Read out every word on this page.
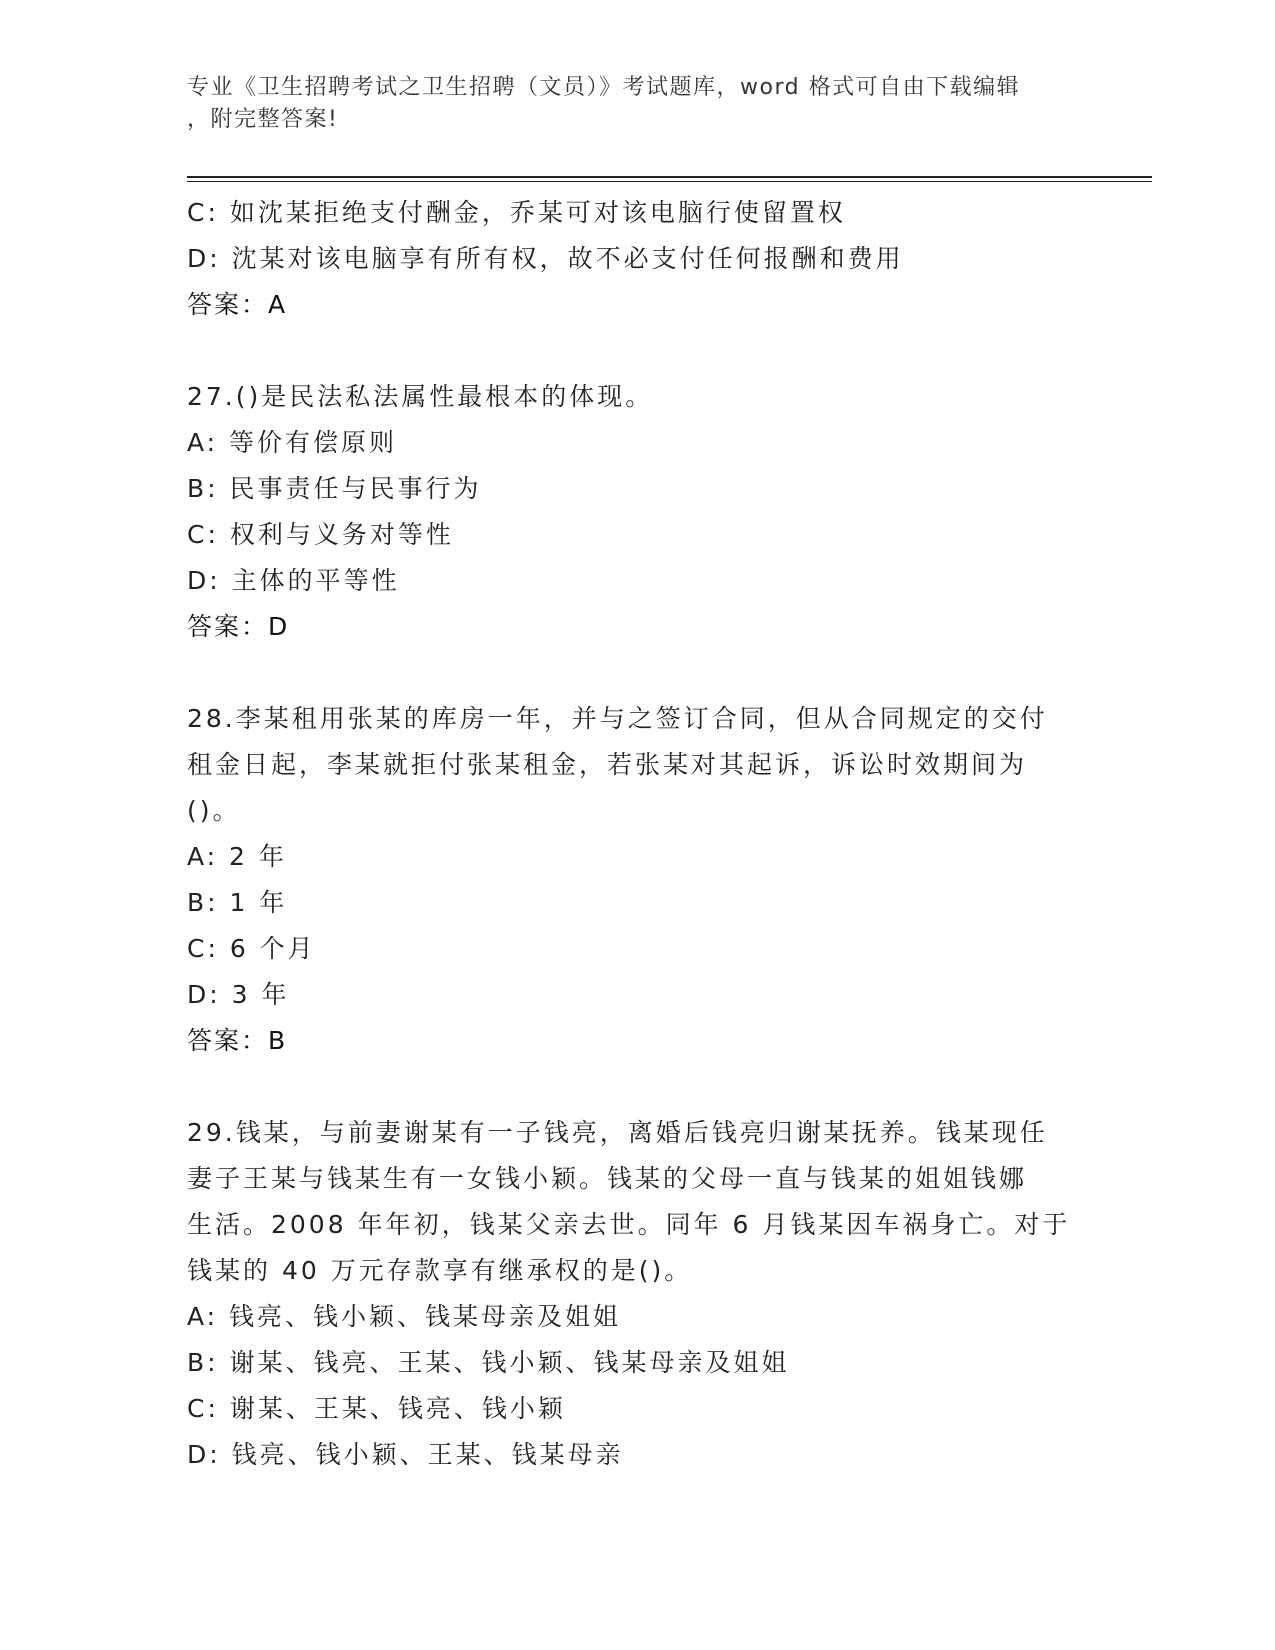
专业《卫生招聘考试之卫生招聘（文员）》考试题库，word 格式可自由下载编辑
，附完整答案!
C: 如沈某拒绝支付酬金，乔某可对该电脑行使留置权
D: 沈某对该电脑享有所有权，故不必支付任何报酬和费用
答案：A
27.()是民法私法属性最根本的体现。
A: 等价有偿原则
B: 民事责任与民事行为
C: 权利与义务对等性
D: 主体的平等性
答案：D
28.李某租用张某的库房一年，并与之签订合同，但从合同规定的交付
租金日起，李某就拒付张某租金，若张某对其起诉，诉讼时效期间为
()。
A: 2 年
B: 1 年
C: 6 个月
D: 3 年
答案：B
29.钱某，与前妻谢某有一子钱亮，离婚后钱亮归谢某抚养。钱某现任
妻子王某与钱某生有一女钱小颖。钱某的父母一直与钱某的姐姐钱娜
生活。2008 年年初，钱某父亲去世。同年 6 月钱某因车祸身亡。对于
钱某的 40 万元存款享有继承权的是()。
A: 钱亮、钱小颖、钱某母亲及姐姐
B: 谢某、钱亮、王某、钱小颖、钱某母亲及姐姐
C: 谢某、王某、钱亮、钱小颖
D: 钱亮、钱小颖、王某、钱某母亲
